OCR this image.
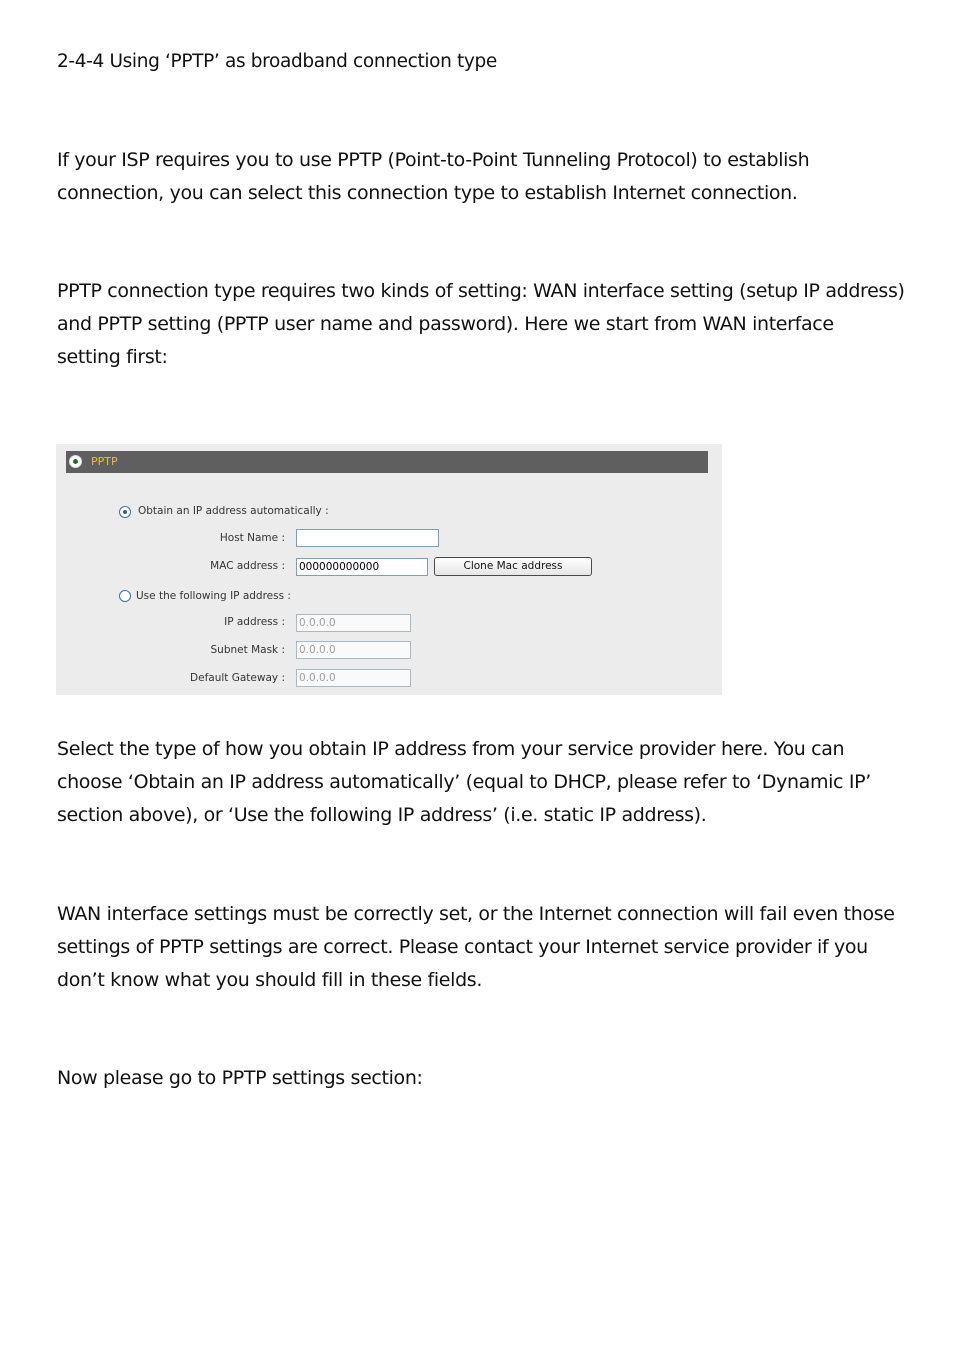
2-4-4 Using ‘PPTP’ as broadband connection type

If your ISP requires you to use PPTP (Point-to-Point Tunneling Protocol) to establish

connection, you can select this connection type to establish Internet connection.

PPTP connection type requires two kinds of setting: WAN interface setting (setup IP address)

and PPTP setting (PPTP user name and password). Here we start from WAN interface

setting first:

PPTP
Obtain an IP address automatically :
Host Name :
MAC address : 000000000000	Clone Mac address
Use the following IP address :
IP address : 0.0.0.0
Subnet Mask : 0.0.0.0
Default Gateway : 0.0.0.0

Select the type of how you obtain IP address from your service provider here. You can

choose ‘Obtain an IP address automatically’ (equal to DHCP, please refer to ‘Dynamic IP’

section above), or ‘Use the following IP address’ (i.e. static IP address).

WAN interface settings must be correctly set, or the Internet connection will fail even those

settings of PPTP settings are correct. Please contact your Internet service provider if you

don’t know what you should fill in these fields.

Now please go to PPTP settings section:
